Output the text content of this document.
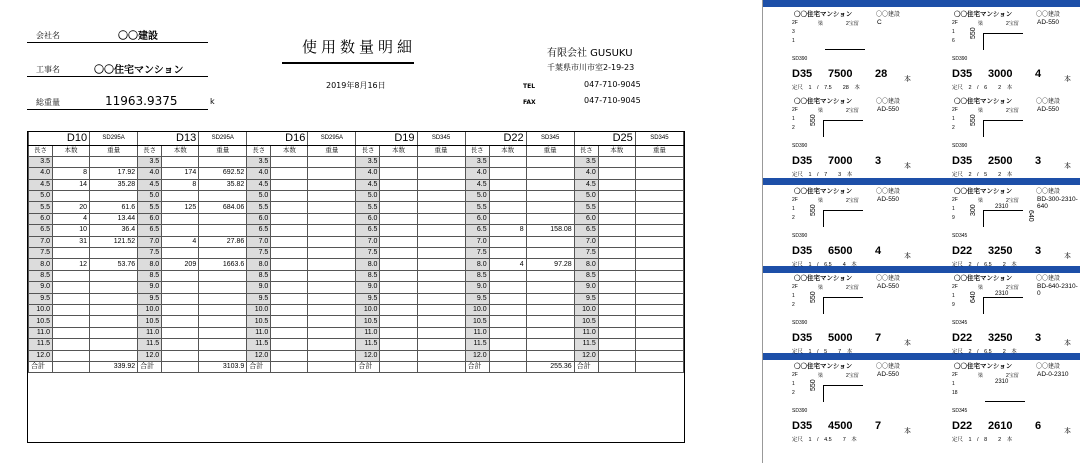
会社名	〇〇建設
工事名	〇〇住宅マンション
総重量	11963.9375	k
使用数量明細
2019年8月16日
有限会社 GUSUKU
千葉県市川市室2-19-23
TEL	047-710-9045
FAX	047-710-9045
D10		SD295A	D13		SD295A	D16		SD295A	D19		SD345	D22		SD345	D25		SD345
長さ	本数	重量	長さ	本数	重量	長さ	本数	重量	長さ	本数	重量	長さ	本数	重量	長さ	本数	重量
3.5			3.5			3.5			3.5			3.5			3.5		
4.0	8	17.92	4.0	174	692.52	4.0			4.0			4.0			4.0		
4.5	14	35.28	4.5	8	35.82	4.5			4.5			4.5			4.5		
5.0			5.0			5.0			5.0			5.0			5.0		
5.5	20	61.6	5.5	125	684.06	5.5			5.5			5.5			5.5		
6.0	4	13.44	6.0			6.0			6.0			6.0			6.0		
6.5	10	36.4	6.5			6.5			6.5			6.5	8	158.08	6.5		
7.0	31	121.52	7.0	4	27.86	7.0			7.0			7.0			7.0		
7.5			7.5			7.5			7.5			7.5			7.5		
8.0	12	53.76	8.0	209	1663.6	8.0			8.0			8.0	4	97.28	8.0		
8.5			8.5			8.5			8.5			8.5			8.5		
9.0			9.0			9.0			9.0			9.0			9.0		
9.5			9.5			9.5			9.5			9.5			9.5		
10.0			10.0			10.0			10.0			10.0			10.0		
10.5			10.5			10.5			10.5			10.5			10.5		
11.0			11.0			11.0			11.0			11.0			11.0		
11.5			11.5			11.5			11.5			11.5			11.5		
12.0			12.0			12.0			12.0			12.0			12.0		
合計		339.92	合計		3103.9	合計			合計			合計		255.36	合計		
〇〇住宅マンション	〇〇建設
2F	梁	2宝留	C
3
1
SD390
D35 7500 28 本
定尺　1　/　7.5　　28　本
〇〇住宅マンション	〇〇建設
2F	梁	2宝留	AD-550
1
6
550
SD390
D35 3000 4	本
定尺　2　/　6　　2　本
〇〇住宅マンション	〇〇建設
2F	梁	2宝留	AD-550
1
2
550
SD390
D35 7000 3	本
定尺　1　/　7　　3　本
〇〇住宅マンション	〇〇建設
2F	梁	2宝留	AD-550
1
2
550
SD390
D35 2500 3	本
定尺　2　/　5　　2　本
〇〇住宅マンション	〇〇建設
2F	梁	2宝留	AD-550
1
2
550
SD390
D35 6500 4	本
定尺　1　/　6.5　　4　本
〇〇住宅マンション	〇〇建設
2F	梁	2宝留	BD-300-2310-640
1
9
300	2310
640
SD345
D22 3250 3	本
定尺　2　/　6.5　　2　本
〇〇住宅マンション	〇〇建設
2F	梁	2宝留	AD-550
1
2
550
SD390
D35 5000 7	本
定尺　1　/　5　　7　本
〇〇住宅マンション	〇〇建設
2F	梁	2宝留	BD-640-2310-0
1
9
640	2310
SD345
D22 3250 3	本
定尺　2　/　6.5　　2　本
〇〇住宅マンション	〇〇建設
2F	梁	2宝留	AD-550
1
2
550
SD390
D35 4500 7	本
定尺　1　/　4.5　　7　本
〇〇住宅マンション	〇〇建設
2F	梁	2宝留	AD-0-2310
1
18
2310
SD345
D22 2610 6	本
定尺　1　/　8　　2　本
